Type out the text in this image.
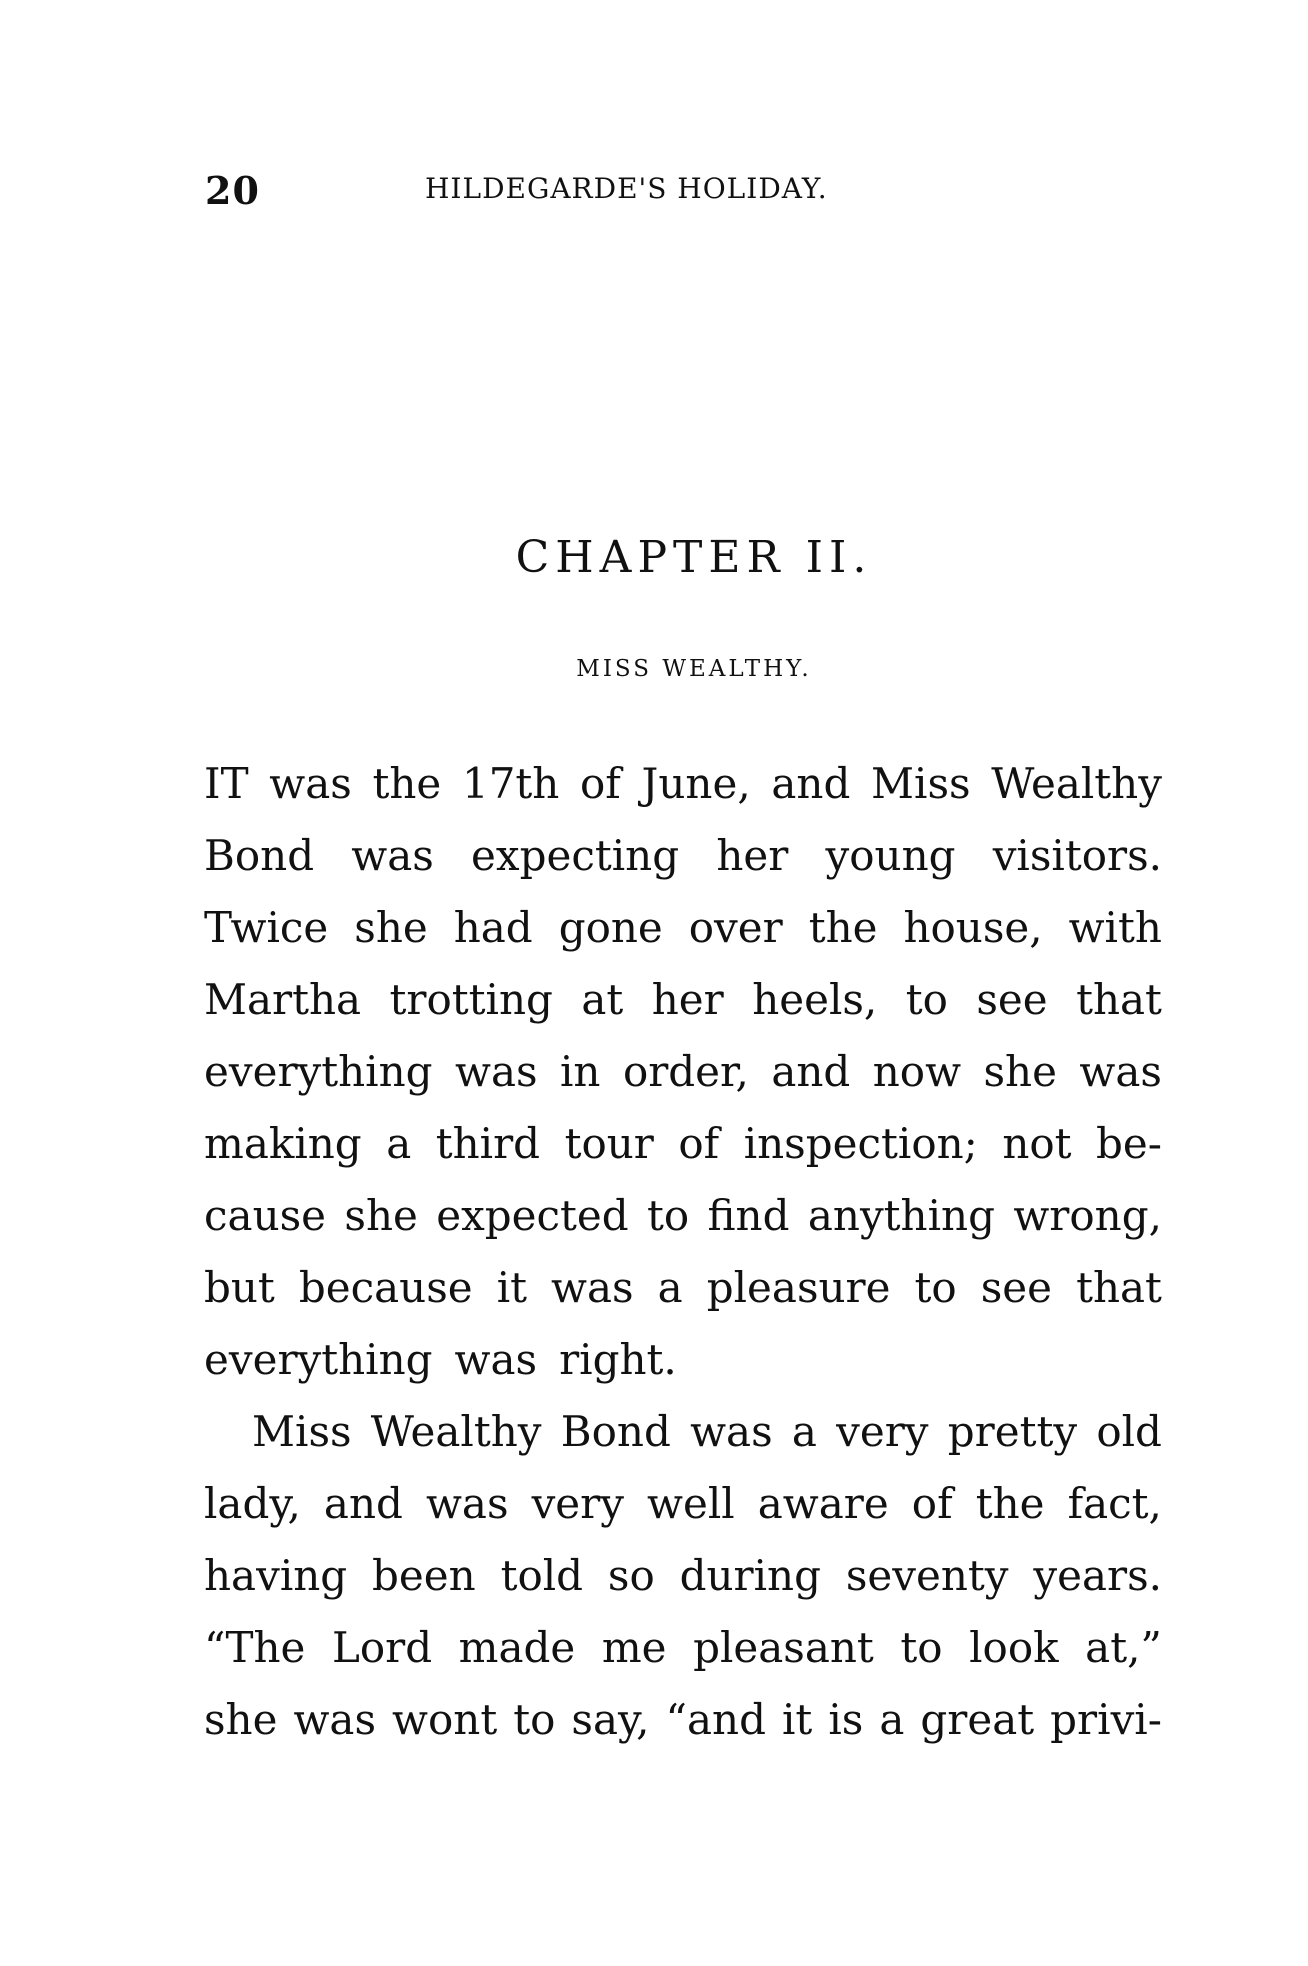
20	HILDEGARDE'S HOLIDAY.
CHAPTER II.
MISS WEALTHY.
IT was the 17th of June, and Miss Wealthy
Bond was expecting her young visitors.
Twice she had gone over the house, with
Martha trotting at her heels, to see that
everything was in order, and now she was
making a third tour of inspection; not be-
cause she expected to find anything wrong,
but because it was a pleasure to see that
everything was right.
Miss Wealthy Bond was a very pretty old
lady, and was very well aware of the fact,
having been told so during seventy years.
“The Lord made me pleasant to look at,”
she was wont to say, “and it is a great privi-
